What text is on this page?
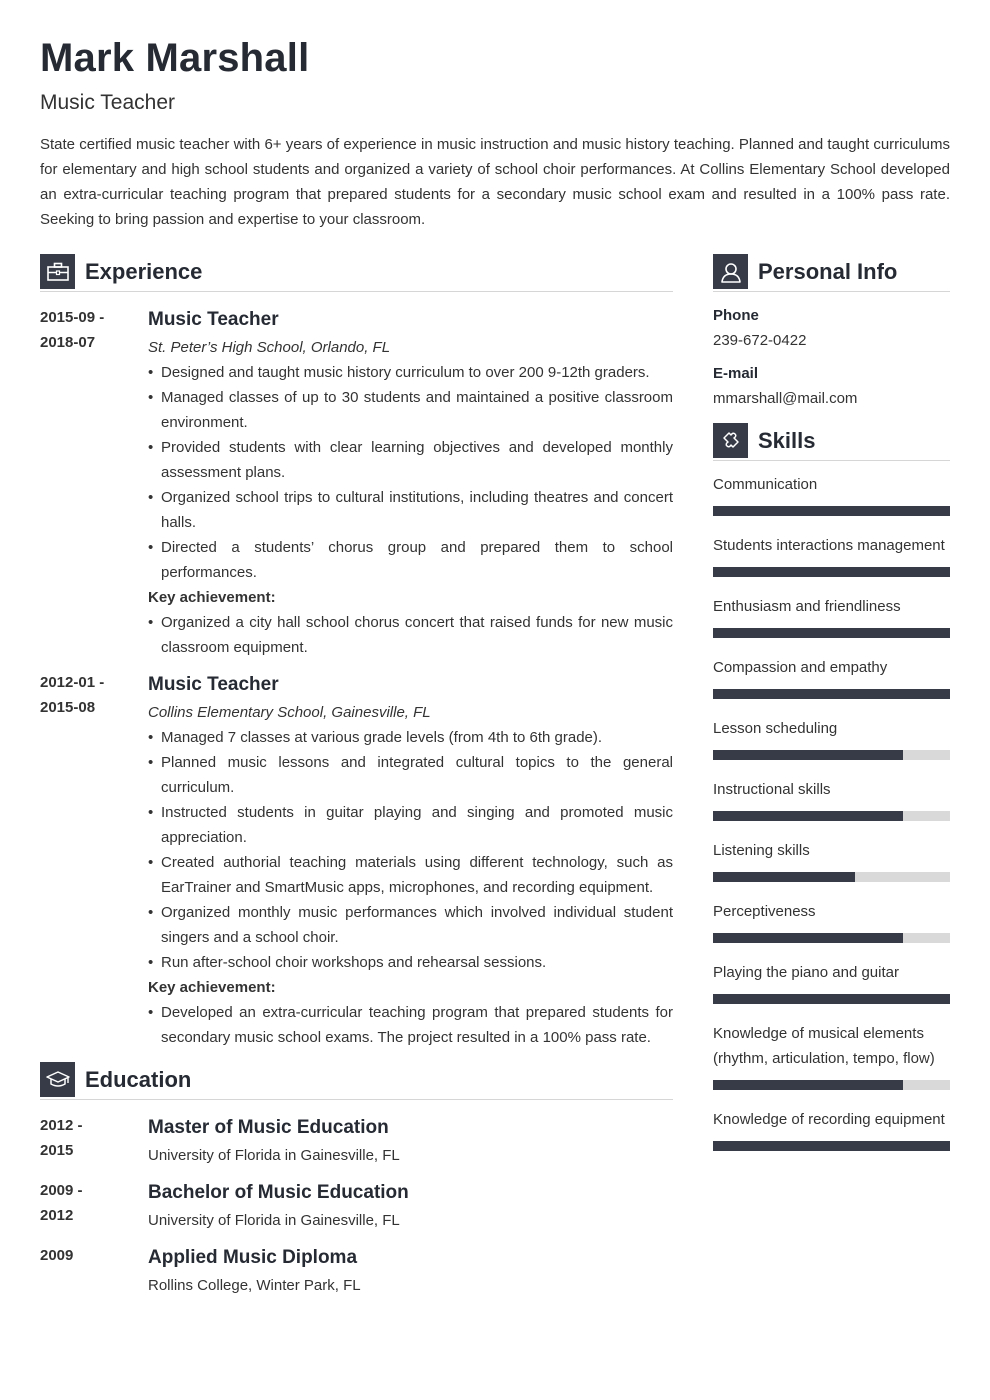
Mark Marshall
Music Teacher
State certified music teacher with 6+ years of experience in music instruction and music history teaching. Planned and taught curriculums for elementary and high school students and organized a variety of school choir performances. At Collins Elementary School developed an extra-curricular teaching program that prepared students for a secondary music school exam and resulted in a 100% pass rate. Seeking to bring passion and expertise to your classroom.
Experience
2015-09 -
2018-07
Music Teacher
St. Peter’s High School, Orlando, FL
• Designed and taught music history curriculum to over 200 9-12th graders.
• Managed classes of up to 30 students and maintained a positive classroom environment.
• Provided students with clear learning objectives and developed monthly assessment plans.
• Organized school trips to cultural institutions, including theatres and concert halls.
• Directed a students’ chorus group and prepared them to school performances.
Key achievement:
• Organized a city hall school chorus concert that raised funds for new music classroom equipment.
2012-01 -
2015-08
Music Teacher
Collins Elementary School, Gainesville, FL
• Managed 7 classes at various grade levels (from 4th to 6th grade).
• Planned music lessons and integrated cultural topics to the general curriculum.
• Instructed students in guitar playing and singing and promoted music appreciation.
• Created authorial teaching materials using different technology, such as EarTrainer and SmartMusic apps, microphones, and recording equipment.
• Organized monthly music performances which involved individual student singers and a school choir.
• Run after-school choir workshops and rehearsal sessions.
Key achievement:
• Developed an extra-curricular teaching program that prepared students for secondary music school exams. The project resulted in a 100% pass rate.
Education
2012 -
2015
Master of Music Education
University of Florida in Gainesville, FL
2009 -
2012
Bachelor of Music Education
University of Florida in Gainesville, FL
2009	Applied Music Diploma
Rollins College, Winter Park, FL
Personal Info
Phone
239-672-0422
E-mail
mmarshall@mail.com
Skills
Communication
Students interactions management
Enthusiasm and friendliness
Compassion and empathy
Lesson scheduling
Instructional skills
Listening skills
Perceptiveness
Playing the piano and guitar
Knowledge of musical elements (rhythm, articulation, tempo, flow)
Knowledge of recording equipment
